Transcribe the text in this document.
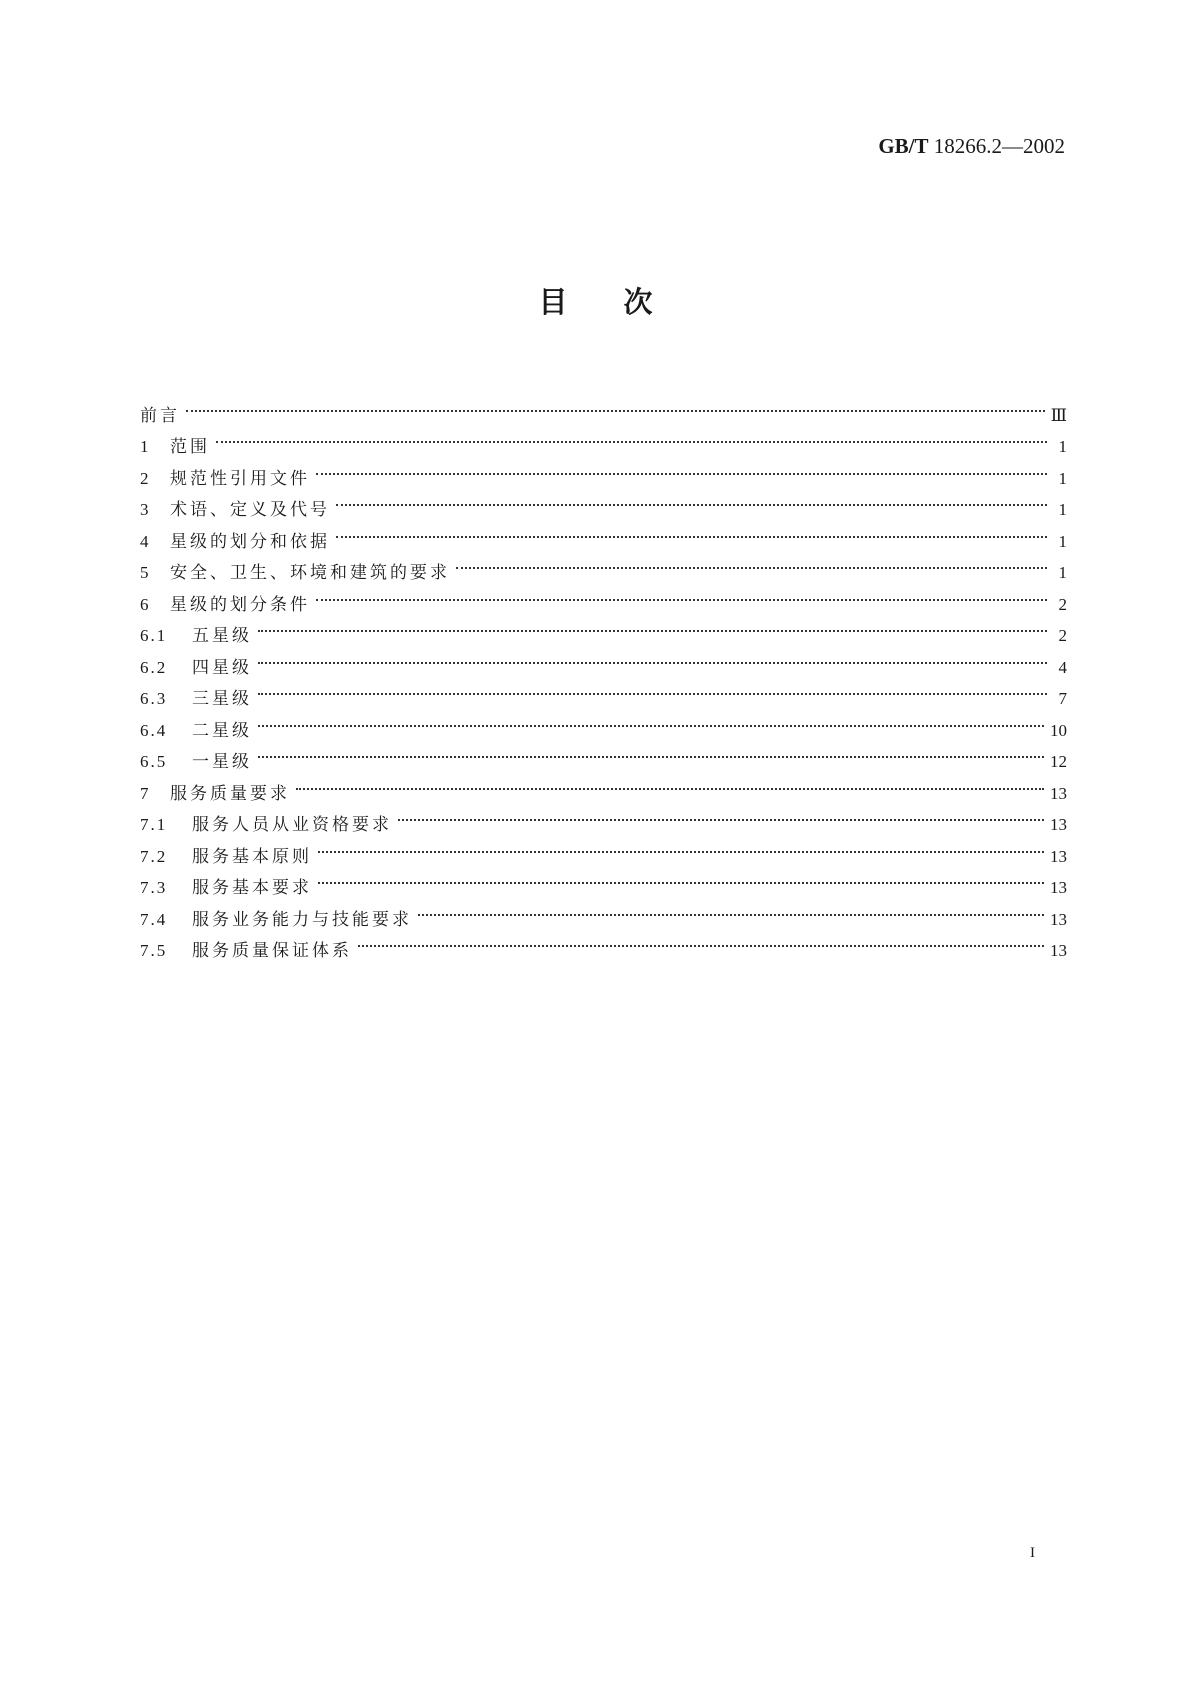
GB/T 18266.2—2002
目次
前言	Ⅲ
1	范围	1
2	规范性引用文件	1
3	术语、定义及代号	1
4	星级的划分和依据	1
5	安全、卫生、环境和建筑的要求	1
6	星级的划分条件	2
6.1	五星级	2
6.2	四星级	4
6.3	三星级	7
6.4	二星级	10
6.5	一星级	12
7	服务质量要求	13
7.1	服务人员从业资格要求	13
7.2	服务基本原则	13
7.3	服务基本要求	13
7.4	服务业务能力与技能要求	13
7.5	服务质量保证体系	13
I
